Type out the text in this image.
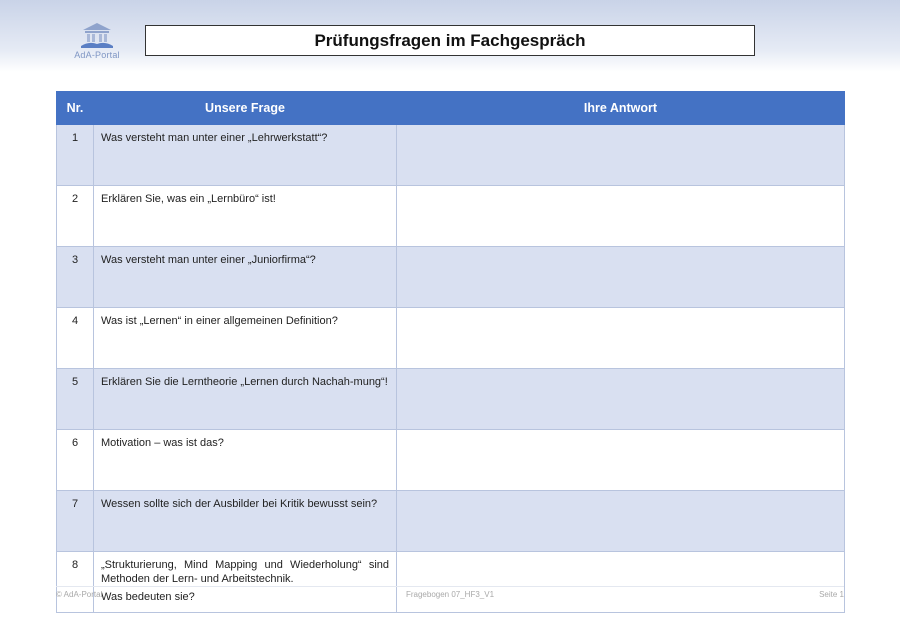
AdA-Portal
Prüfungsfragen im Fachgespräch
Nr.	Unsere Frage	Ihre Antwort
1	Was versteht man unter einer „Lehrwerkstatt“?	
2	Erklären Sie, was ein „Lernbüro“ ist!	
3	Was versteht man unter einer „Juniorfirma“?	
4	Was ist „Lernen“ in einer allgemeinen Definition?	
5	Erklären Sie die Lerntheorie „Lernen durch Nachah-mung“!	
6	Motivation – was ist das?	
7	Wessen sollte sich der Ausbilder bei Kritik bewusst sein?	
8	„Strukturierung, Mind Mapping und Wiederholung“ sind Methoden der Lern- und Arbeitstechnik.
Was bedeuten sie?	

© AdA-Portal	Fragebogen 07_HF3_V1	Seite 1
